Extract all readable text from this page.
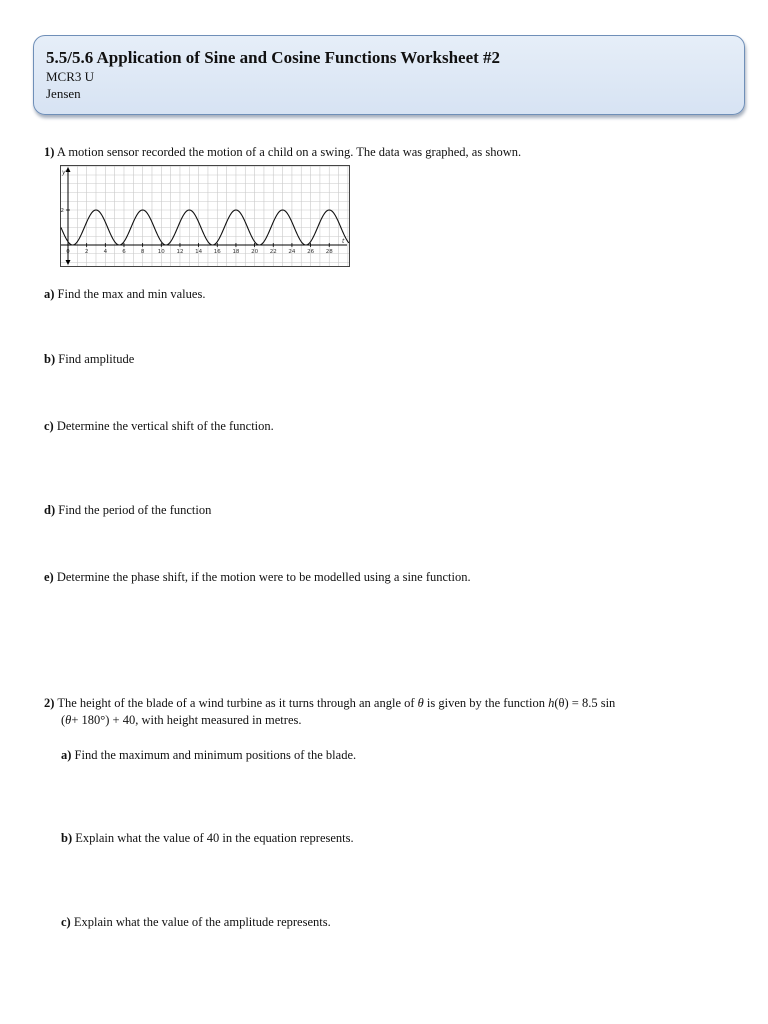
5.5/5.6 Application of Sine and Cosine Functions Worksheet #2

MCR3 U

Jensen

1) A motion sensor recorded the motion of a child on a swing. The data was graphed, as shown.
y
t
0	2	4	6	8 10 12 14 16 18 20 22 24 26 28
2
a) Find the max and min values.
b) Find amplitude
c) Determine the vertical shift of the function.
d) Find the period of the function
e) Determine the phase shift, if the motion were to be modelled using a sine function.
2) The height of the blade of a wind turbine as it turns through an angle of θ is given by the function h(θ) = 8.5 sin
(θ+ 180°) + 40, with height measured in metres.
a) Find the maximum and minimum positions of the blade.
b) Explain what the value of 40 in the equation represents.
c) Explain what the value of the amplitude represents.
